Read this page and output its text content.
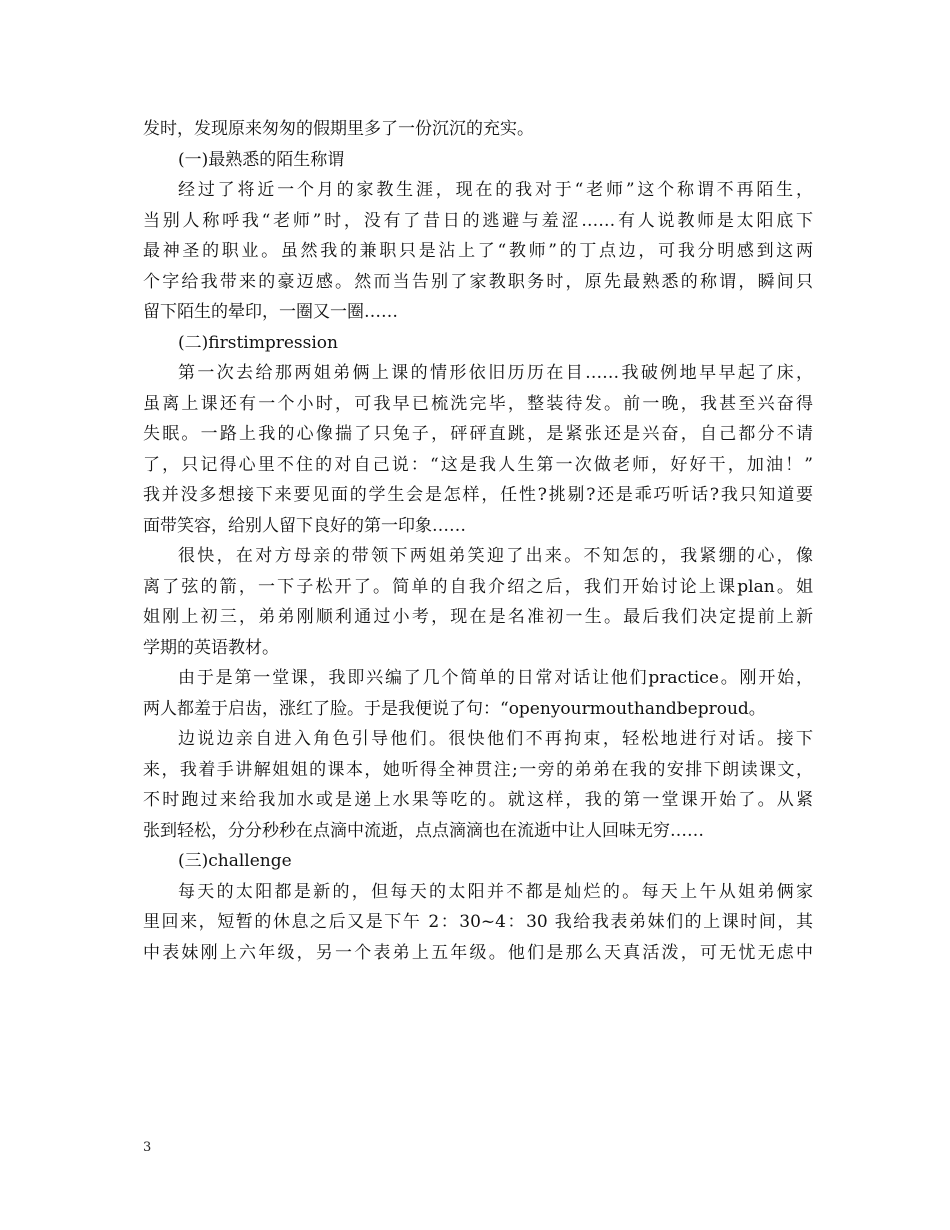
发时，发现原来匆匆的假期里多了一份沉沉的充实。
(一)最熟悉的陌生称谓
经过了将近一个月的家教生涯，现在的我对于“老师”这个称谓不再陌生，
当别人称呼我“老师”时，没有了昔日的逃避与羞涩……有人说教师是太阳底下
最神圣的职业。虽然我的兼职只是沾上了“教师”的丁点边，可我分明感到这两
个字给我带来的豪迈感。然而当告别了家教职务时，原先最熟悉的称谓，瞬间只
留下陌生的晕印，一圈又一圈……
(二)firstimpression
第一次去给那两姐弟俩上课的情形依旧历历在目……我破例地早早起了床，
虽离上课还有一个小时，可我早已梳洗完毕，整装待发。前一晚，我甚至兴奋得
失眠。一路上我的心像揣了只兔子，砰砰直跳，是紧张还是兴奋，自己都分不请
了，只记得心里不住的对自己说：“这是我人生第一次做老师，好好干，加油！”
我并没多想接下来要见面的学生会是怎样，任性?挑剔?还是乖巧听话?我只知道要
面带笑容，给别人留下良好的第一印象……
很快，在对方母亲的带领下两姐弟笑迎了出来。不知怎的，我紧绷的心，像
离了弦的箭，一下子松开了。简单的自我介绍之后，我们开始讨论上课plan。姐
姐刚上初三，弟弟刚顺利通过小考，现在是名准初一生。最后我们决定提前上新
学期的英语教材。
由于是第一堂课，我即兴编了几个简单的日常对话让他们practice。刚开始，
两人都羞于启齿，涨红了脸。于是我便说了句：“openyourmouthandbeproud。
边说边亲自进入角色引导他们。很快他们不再拘束，轻松地进行对话。接下
来，我着手讲解姐姐的课本，她听得全神贯注;一旁的弟弟在我的安排下朗读课文，
不时跑过来给我加水或是递上水果等吃的。就这样，我的第一堂课开始了。从紧
张到轻松，分分秒秒在点滴中流逝，点点滴滴也在流逝中让人回味无穷……
(三)challenge
每天的太阳都是新的，但每天的太阳并不都是灿烂的。每天上午从姐弟俩家
里回来，短暂的休息之后又是下午 2：30~4：30 我给我表弟妹们的上课时间，其
中表妹刚上六年级，另一个表弟上五年级。他们是那么天真活泼，可无忧无虑中
3
